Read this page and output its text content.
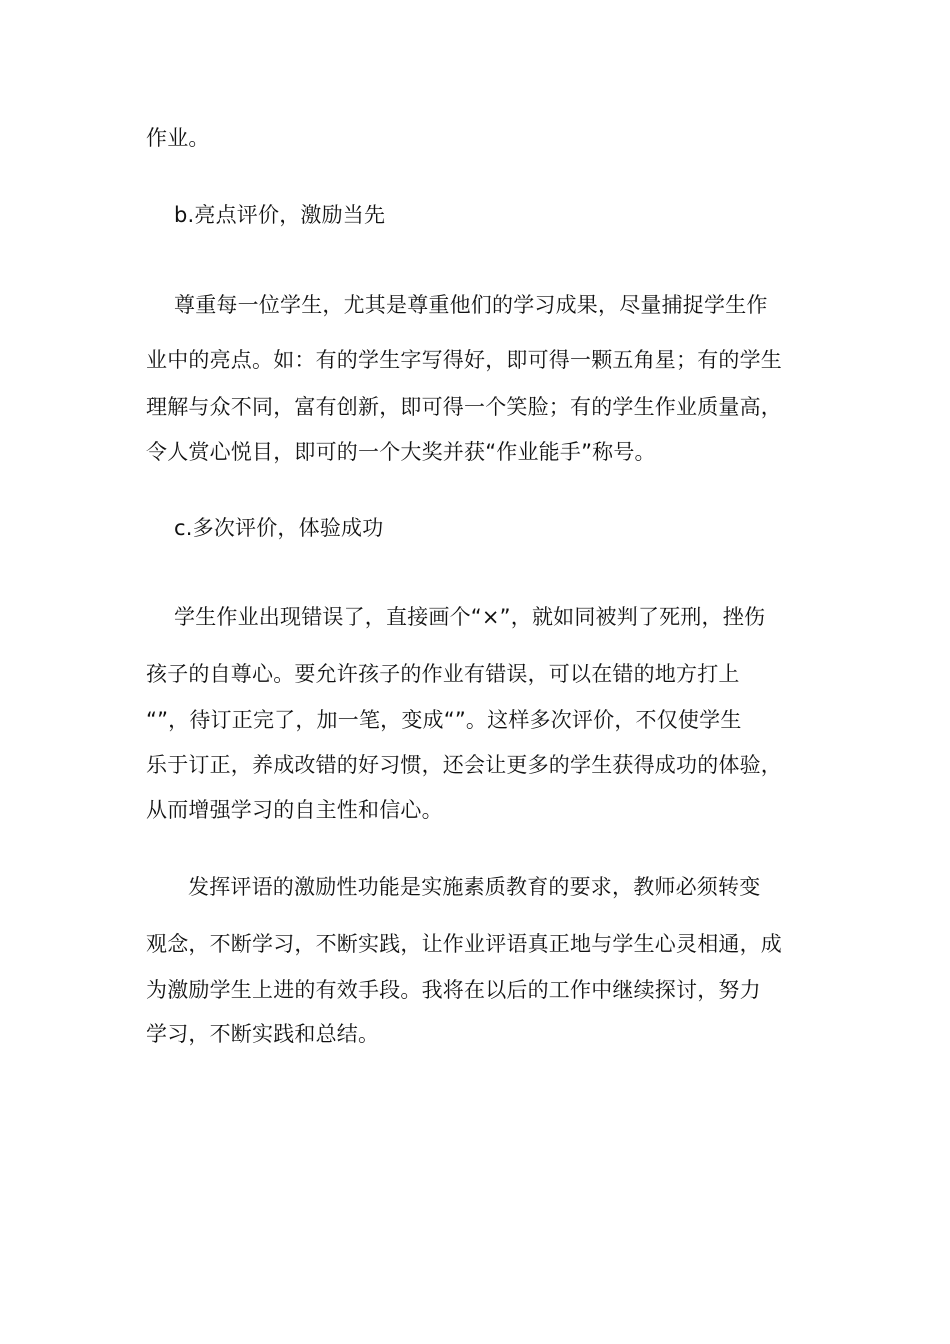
作业。
b.亮点评价，激励当先
尊重每一位学生，尤其是尊重他们的学习成果，尽量捕捉学生作
业中的亮点。如：有的学生字写得好，即可得一颗五角星；有的学生
理解与众不同，富有创新，即可得一个笑脸；有的学生作业质量高，
令人赏心悦目，即可的一个大奖并获“作业能手”称号。
c.多次评价，体验成功
学生作业出现错误了，直接画个“×”，就如同被判了死刑，挫伤
孩子的自尊心。要允许孩子的作业有错误，可以在错的地方打上
“”，待订正完了，加一笔，变成“”。这样多次评价，不仅使学生
乐于订正，养成改错的好习惯，还会让更多的学生获得成功的体验，
从而增强学习的自主性和信心。
发挥评语的激励性功能是实施素质教育的要求，教师必须转变
观念，不断学习，不断实践，让作业评语真正地与学生心灵相通，成
为激励学生上进的有效手段。我将在以后的工作中继续探讨，努力
学习，不断实践和总结。
